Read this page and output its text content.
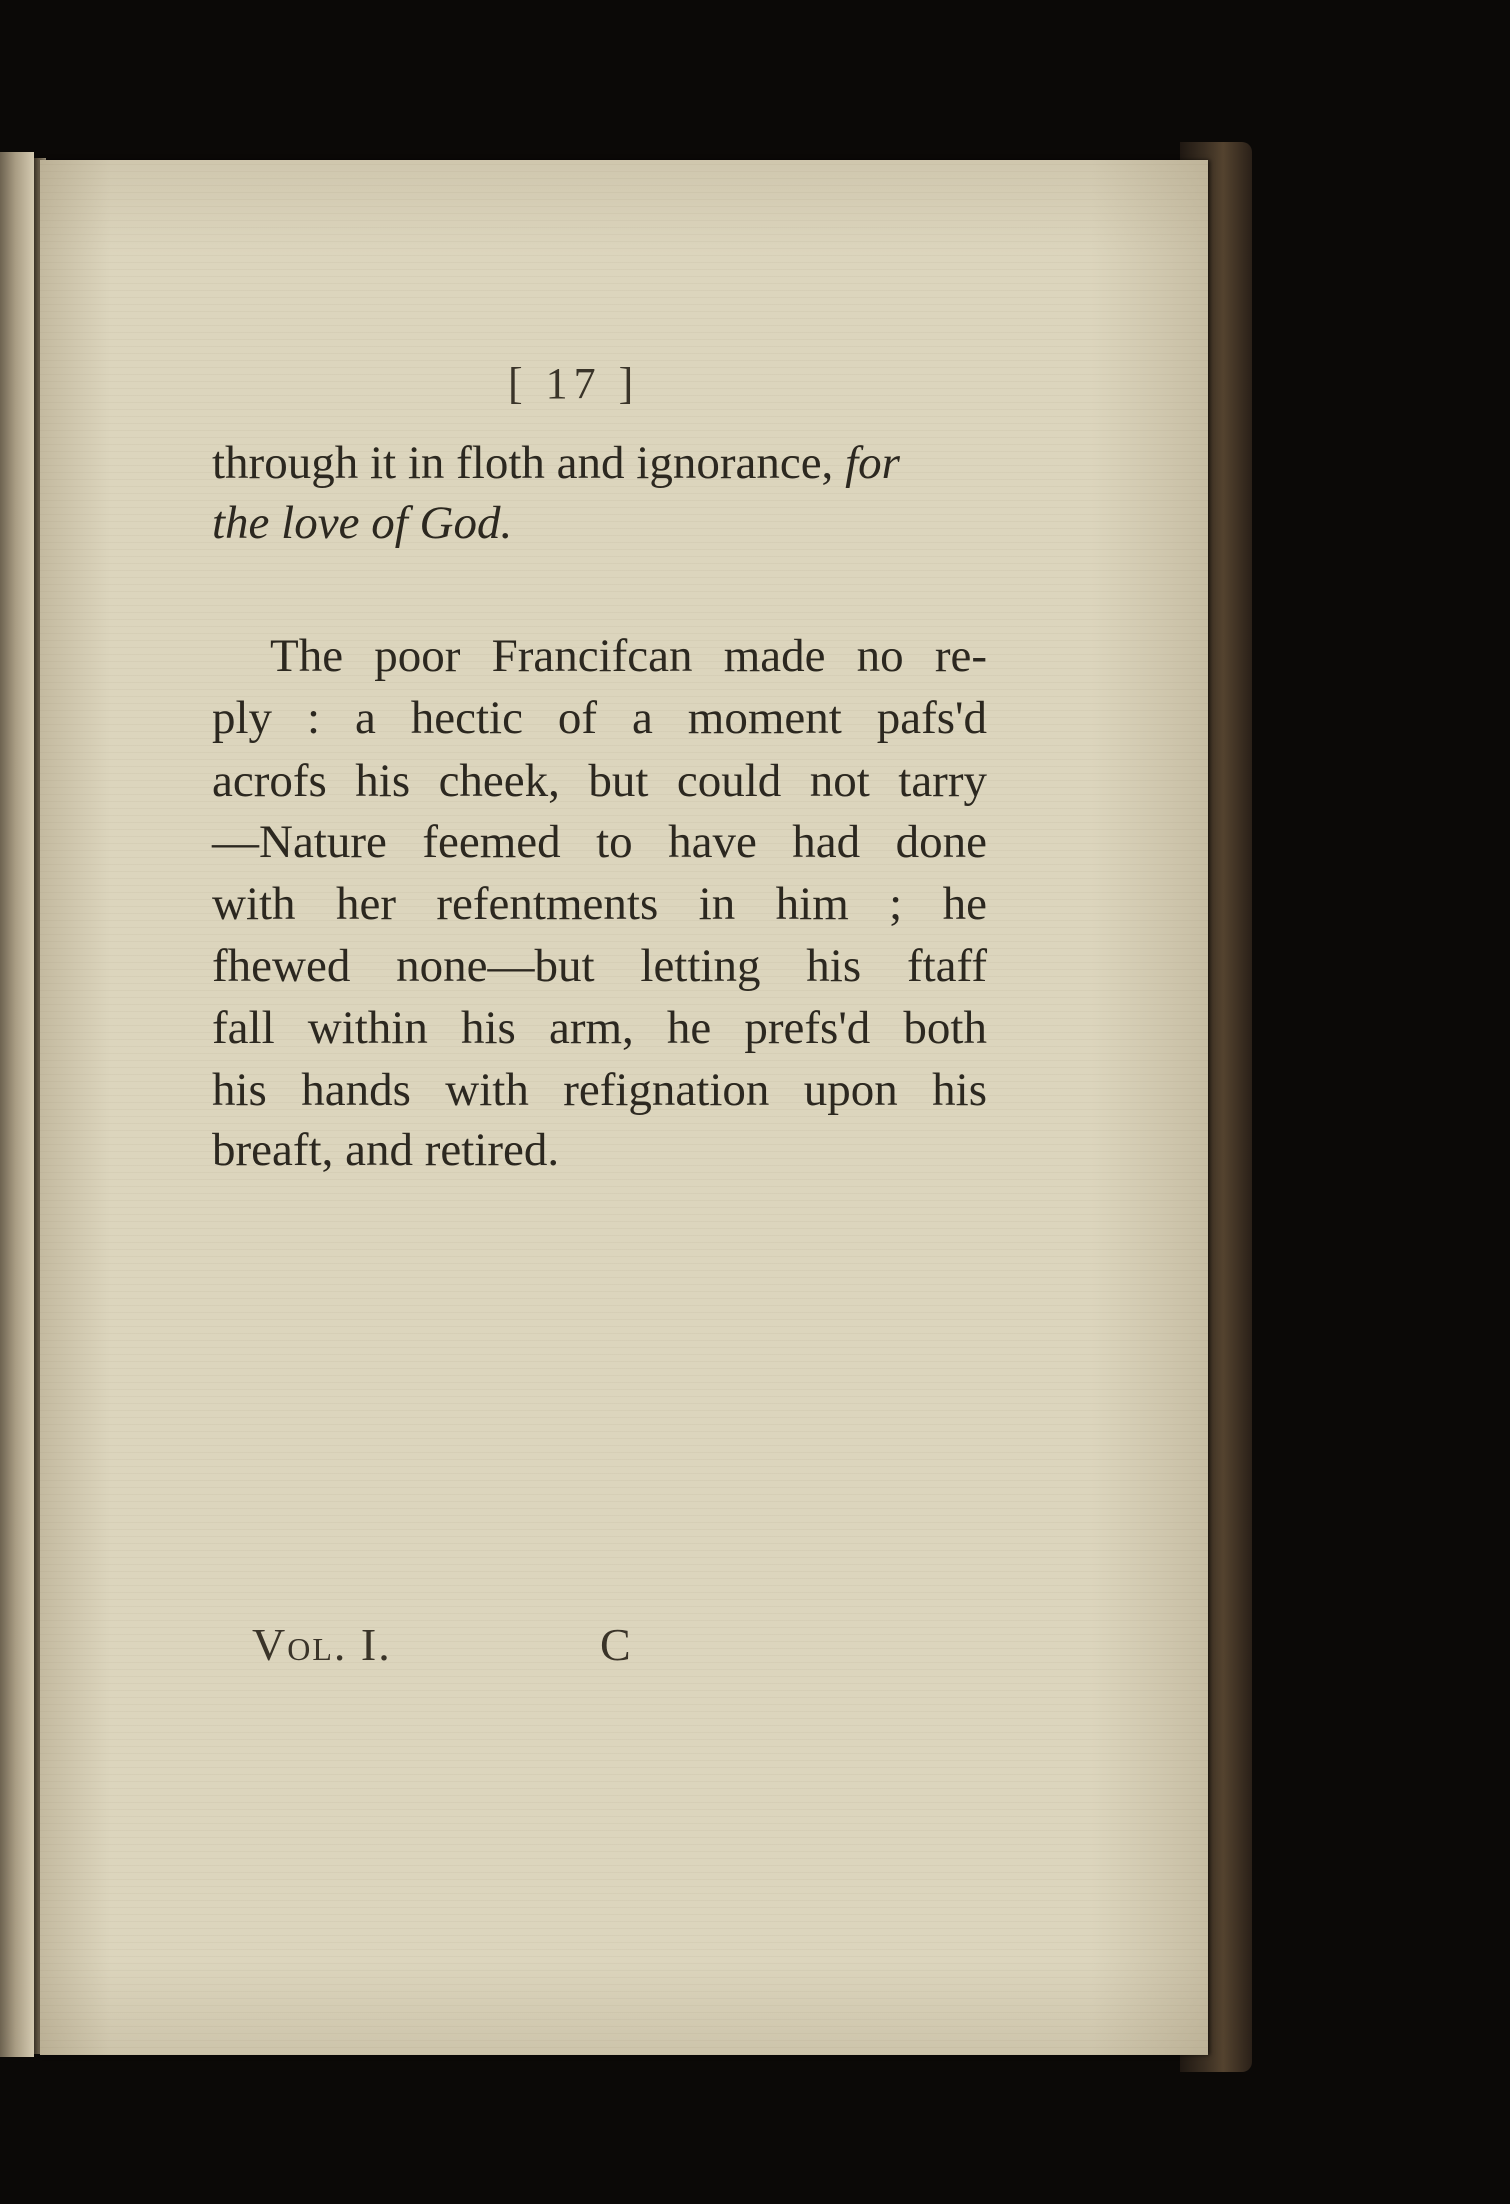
[ 17 ]
through it in floth and ignorance, for
the love of God.
The poor Francifcan made no re-
ply : a hectic of a moment pafs'd
acrofs his cheek, but could not tarry
—Nature feemed to have had done
with her refentments in him ; he
fhewed none—but letting his ftaff
fall within his arm, he prefs'd both
his hands with refignation upon his
breaft, and retired.
Vol. I.	C
